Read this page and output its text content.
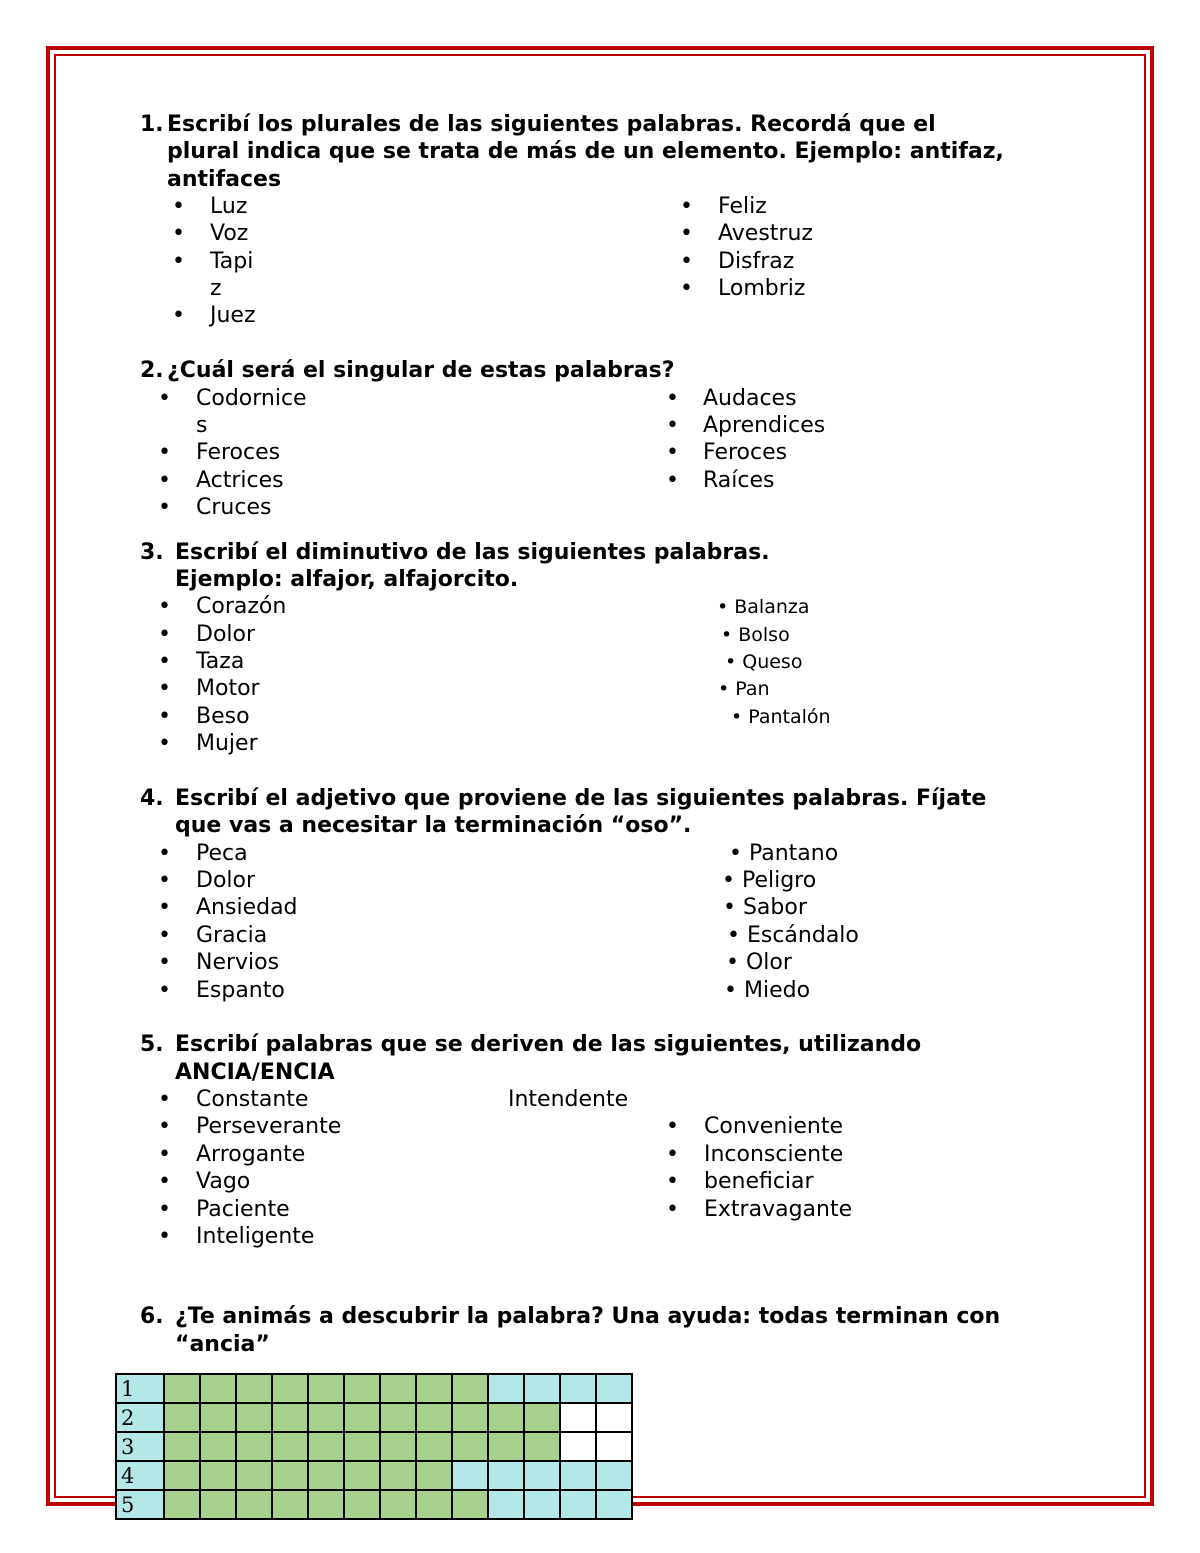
1. Escribí los plurales de las siguientes palabras. Recordá que el
plural indica que se trata de más de un elemento. Ejemplo: antifaz,
antifaces
• Luz
• Voz
• Tapi
z
• Juez
• Feliz
• Avestruz
• Disfraz
• Lombriz
2. ¿Cuál será el singular de estas palabras?
• Codornice
s
• Feroces
• Actrices
• Cruces
• Audaces
• Aprendices
• Feroces
• Raíces
3. Escribí el diminutivo de las siguientes palabras.
Ejemplo: alfajor, alfajorcito.
• Corazón
• Dolor
• Taza
• Motor
• Beso
• Mujer
• Balanza
• Bolso
• Queso
• Pan
• Pantalón
4. Escribí el adjetivo que proviene de las siguientes palabras. Fíjate
que vas a necesitar la terminación “oso”.
• Peca
• Dolor
• Ansiedad
• Gracia
• Nervios
• Espanto
• Pantano
• Peligro
• Sabor
• Escándalo
• Olor
• Miedo
5. Escribí palabras que se deriven de las siguientes, utilizando
ANCIA/ENCIA
• Constante
• Perseverante
• Arrogante
• Vago
• Paciente
• Inteligente
Intendente
• Conveniente
• Inconsciente
• beneficiar
• Extravagante
6. ¿Te animás a descubrir la palabra? Una ayuda: todas terminan con
“ancia”
1													
2													
3													
4													
5													
